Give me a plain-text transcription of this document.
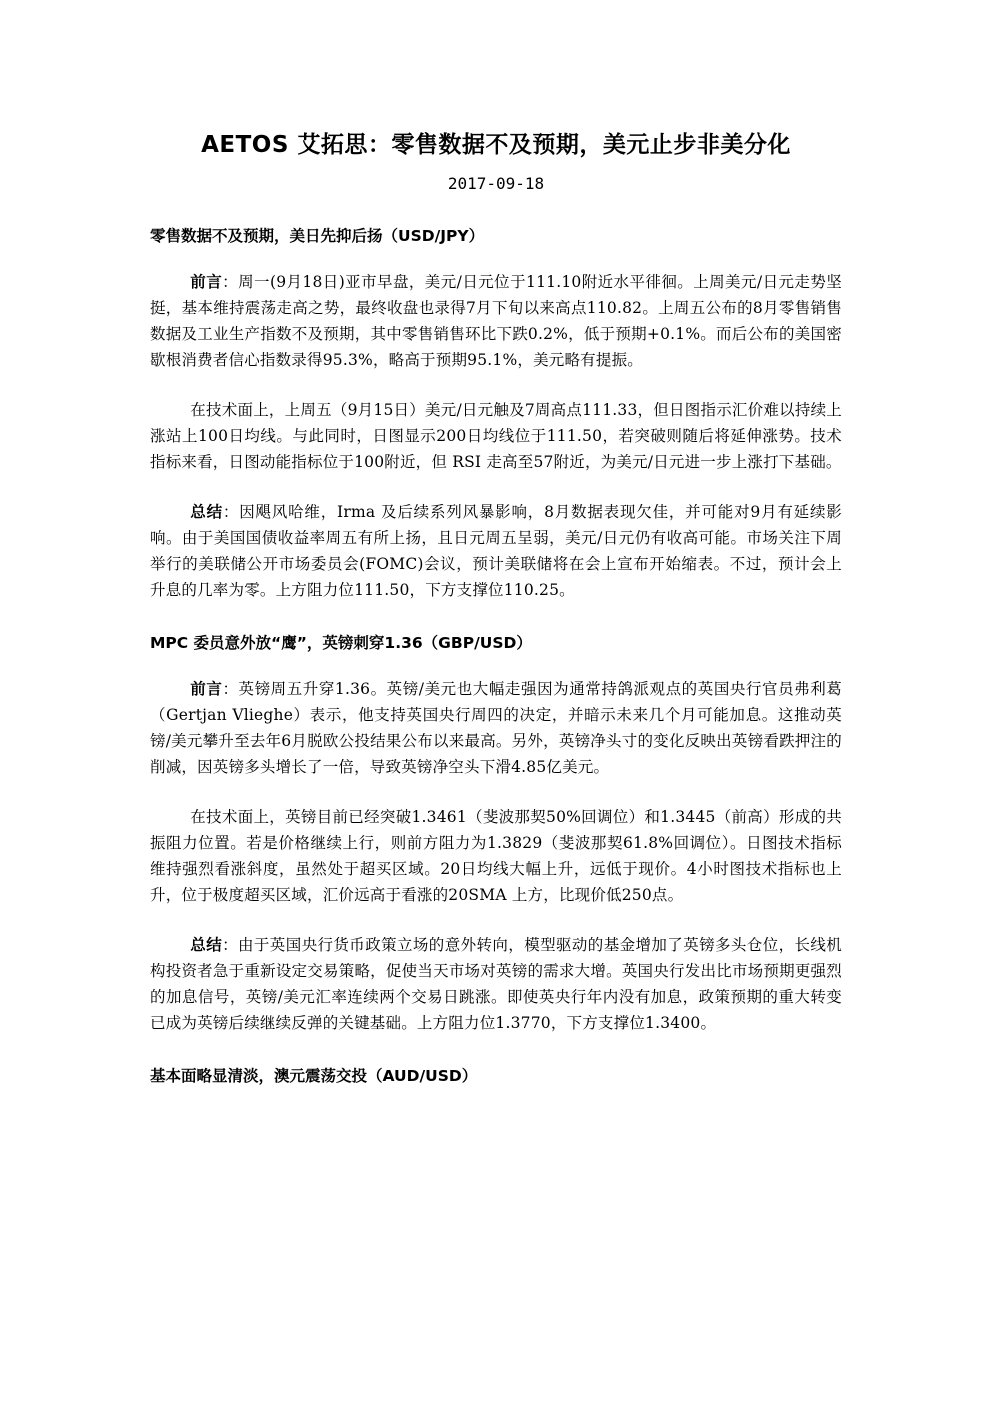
AETOS 艾拓思：零售数据不及预期，美元止步非美分化
2017-09-18
零售数据不及预期，美日先抑后扬（USD/JPY）

前言：周一(9月18日)亚市早盘，美元/日元位于111.10附近水平徘徊。上周美元/日元走势坚挺，基本维持震荡走高之势，最终收盘也录得7月下旬以来高点110.82。上周五公布的8月零售销售数据及工业生产指数不及预期，其中零售销售环比下跌0.2%，低于预期+0.1%。而后公布的美国密歇根消费者信心指数录得95.3%，略高于预期95.1%，美元略有提振。

在技术面上，上周五（9月15日）美元/日元触及7周高点111.33，但日图指示汇价难以持续上涨站上100日均线。与此同时，日图显示200日均线位于111.50，若突破则随后将延伸涨势。技术指标来看，日图动能指标位于100附近，但 RSI 走高至57附近，为美元/日元进一步上涨打下基础。

总结：因飓风哈维，Irma 及后续系列风暴影响，8月数据表现欠佳，并可能对9月有延续影响。由于美国国债收益率周五有所上扬，且日元周五呈弱，美元/日元仍有收高可能。市场关注下周举行的美联储公开市场委员会(FOMC)会议，预计美联储将在会上宣布开始缩表。不过，预计会上升息的几率为零。上方阻力位111.50，下方支撑位110.25。

MPC 委员意外放“鹰”，英镑刺穿1.36（GBP/USD）

前言：英镑周五升穿1.36。英镑/美元也大幅走强因为通常持鸽派观点的英国央行官员弗利葛（Gertjan Vlieghe）表示，他支持英国央行周四的决定，并暗示未来几个月可能加息。这推动英镑/美元攀升至去年6月脱欧公投结果公布以来最高。另外，英镑净头寸的变化反映出英镑看跌押注的削减，因英镑多头增长了一倍，导致英镑净空头下滑4.85亿美元。

在技术面上，英镑目前已经突破1.3461（斐波那契50%回调位）和1.3445（前高）形成的共振阻力位置。若是价格继续上行，则前方阻力为1.3829（斐波那契61.8%回调位）。日图技术指标维持强烈看涨斜度，虽然处于超买区域。20日均线大幅上升，远低于现价。4小时图技术指标也上升，位于极度超买区域，汇价远高于看涨的20SMA 上方，比现价低250点。

总结：由于英国央行货币政策立场的意外转向，模型驱动的基金增加了英镑多头仓位，长线机构投资者急于重新设定交易策略，促使当天市场对英镑的需求大增。英国央行发出比市场预期更强烈的加息信号，英镑/美元汇率连续两个交易日跳涨。即使英央行年内没有加息，政策预期的重大转变已成为英镑后续继续反弹的关键基础。上方阻力位1.3770，下方支撑位1.3400。

基本面略显清淡，澳元震荡交投（AUD/USD）
